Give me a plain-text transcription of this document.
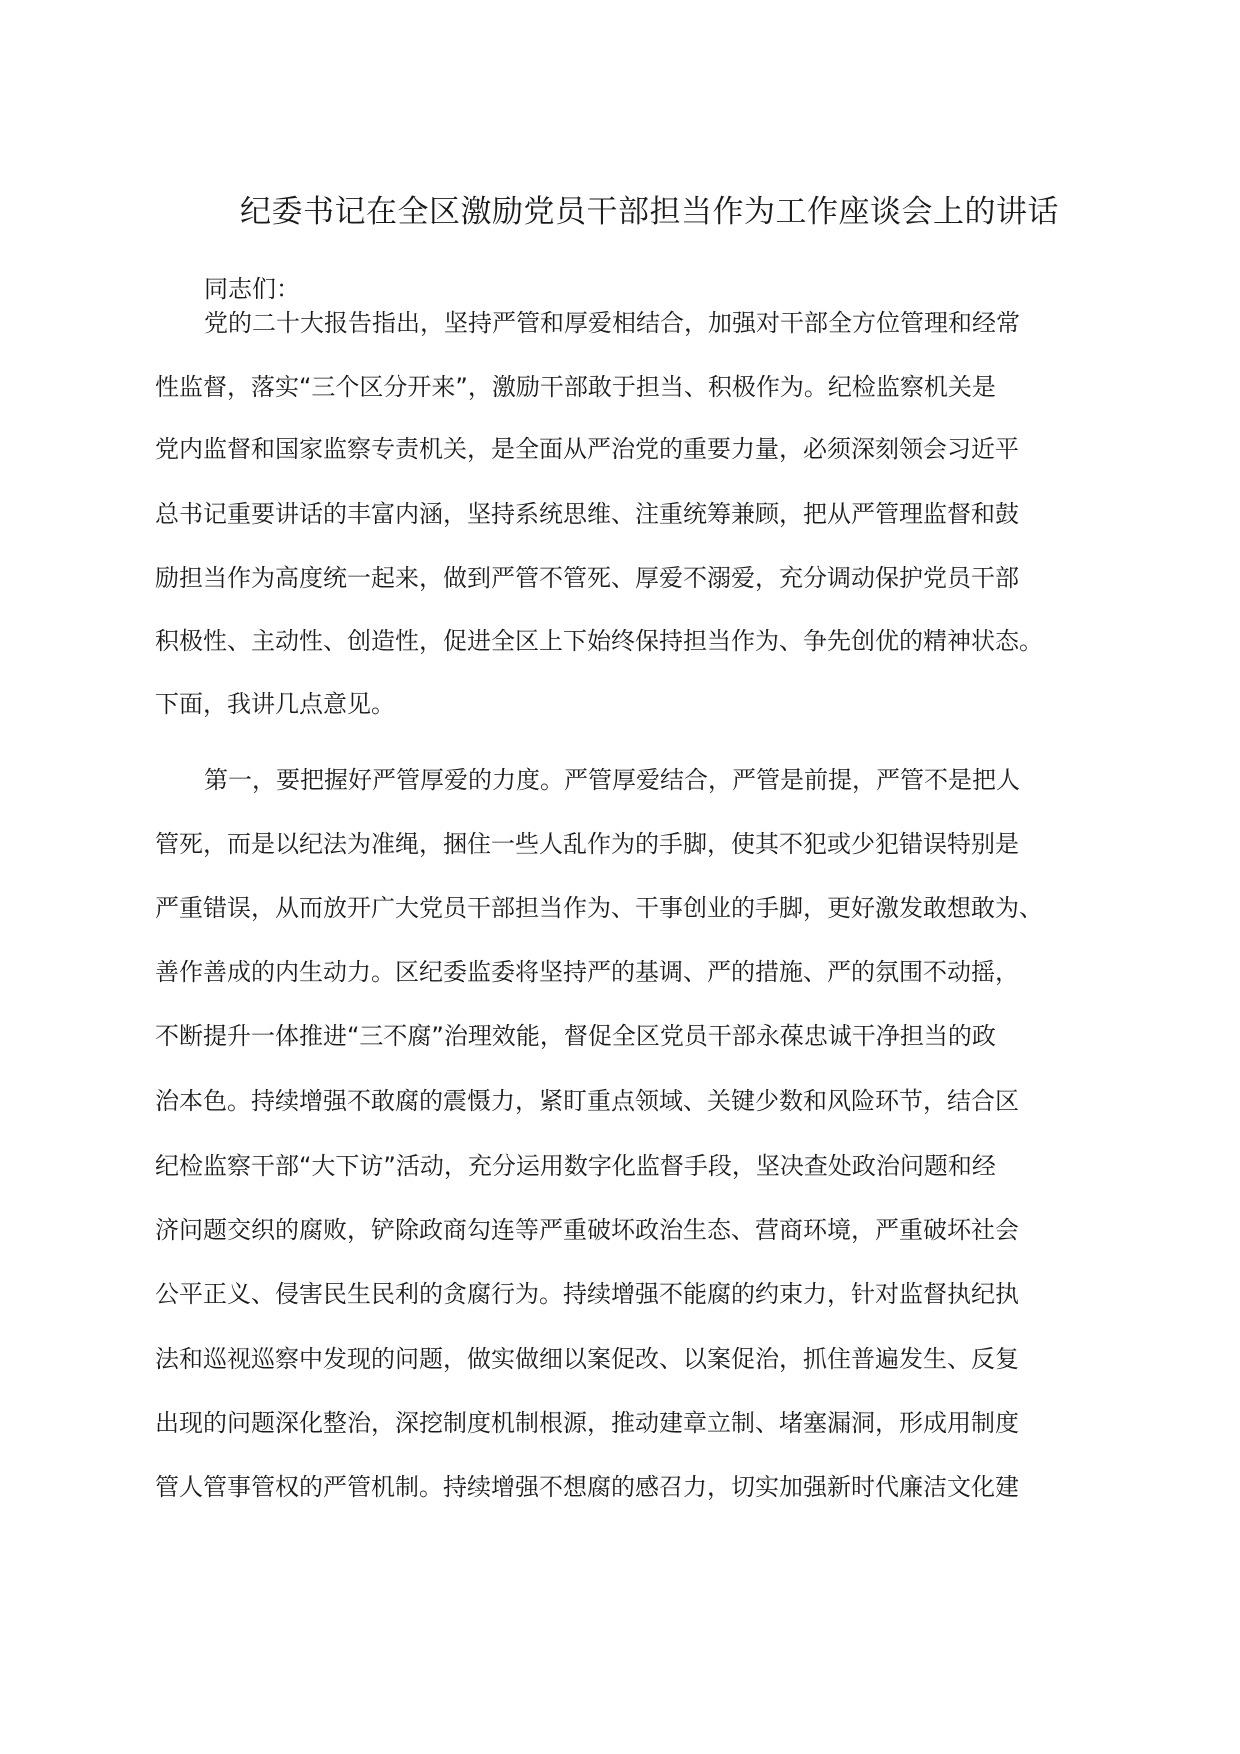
纪委书记在全区激励党员干部担当作为工作座谈会上的讲话

同志们：

党的二十大报告指出，坚持严管和厚爱相结合，加强对干部全方位管理和经常

性监督，落实“三个区分开来”，激励干部敢于担当、积极作为。纪检监察机关是

党内监督和国家监察专责机关，是全面从严治党的重要力量，必须深刻领会习近平

总书记重要讲话的丰富内涵，坚持系统思维、注重统筹兼顾，把从严管理监督和鼓

励担当作为高度统一起来，做到严管不管死、厚爱不溺爱，充分调动保护党员干部

积极性、主动性、创造性，促进全区上下始终保持担当作为、争先创优的精神状态。

下面，我讲几点意见。

第一，要把握好严管厚爱的力度。严管厚爱结合，严管是前提，严管不是把人

管死，而是以纪法为准绳，捆住一些人乱作为的手脚，使其不犯或少犯错误特别是

严重错误，从而放开广大党员干部担当作为、干事创业的手脚，更好激发敢想敢为、

善作善成的内生动力。区纪委监委将坚持严的基调、严的措施、严的氛围不动摇，

不断提升一体推进“三不腐”治理效能，督促全区党员干部永葆忠诚干净担当的政

治本色。持续增强不敢腐的震慑力，紧盯重点领域、关键少数和风险环节，结合区

纪检监察干部“大下访”活动，充分运用数字化监督手段，坚决查处政治问题和经

济问题交织的腐败，铲除政商勾连等严重破坏政治生态、营商环境，严重破坏社会

公平正义、侵害民生民利的贪腐行为。持续增强不能腐的约束力，针对监督执纪执

法和巡视巡察中发现的问题，做实做细以案促改、以案促治，抓住普遍发生、反复

出现的问题深化整治，深挖制度机制根源，推动建章立制、堵塞漏洞，形成用制度

管人管事管权的严管机制。持续增强不想腐的感召力，切实加强新时代廉洁文化建
